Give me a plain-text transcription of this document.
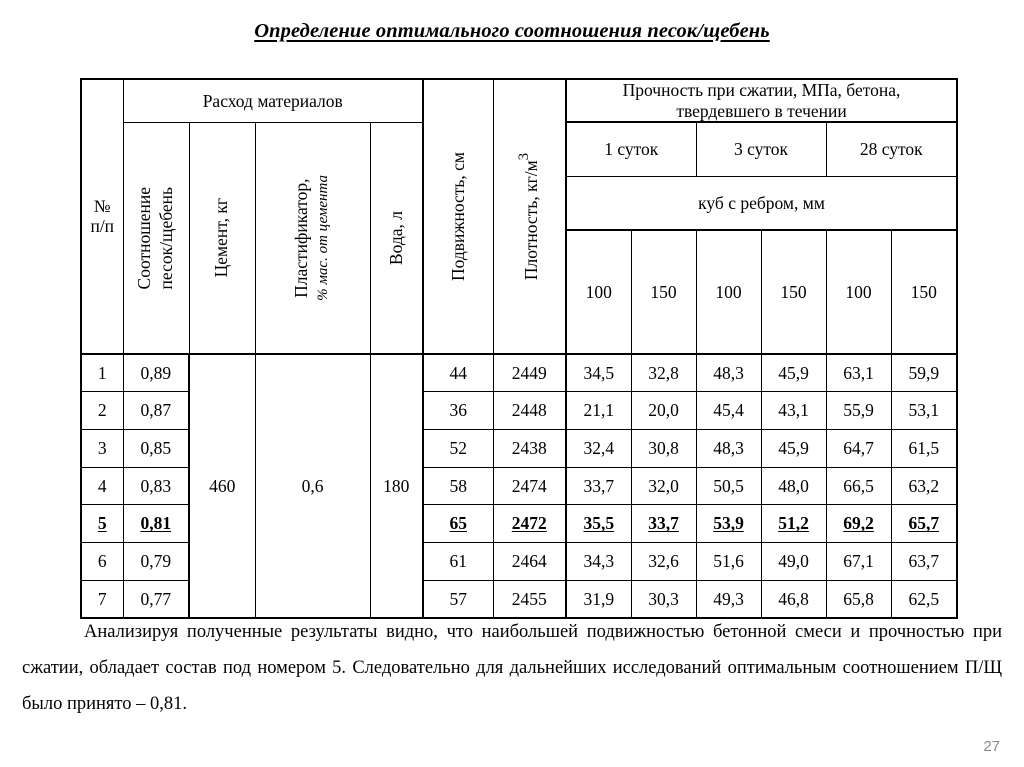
Определение оптимального соотношения песок/щебень
№
п/п
	Расход материалов	
Подвижность, см	Плотность, $кг/м^3$

Прочность при сжатии, МПа, бетона,
твердевшего в течении

	Соотношение песок/щебень	Цемент, кг	Пластификатор, % мас. от цемента	Вода, л			1 суток		3 суток		28 суток	
							куб с ребром, мм					
							100	150	100	150	100	150
1	0,89	460	0,6	180	44	2449	34,5	32,8	48,3	45,9	63,1	59,9
2	0,87				36	2448	21,1	20,0	45,4	43,1	55,9	53,1
3	0,85				52	2438	32,4	30,8	48,3	45,9	64,7	61,5
4	0,83				58	2474	33,7	32,0	50,5	48,0	66,5	63,2
5	0,81				65	2472	35,5	33,7	53,9	51,2	69,2	65,7
6	0,79				61	2464	34,3	32,6	51,6	49,0	67,1	63,7
7	0,77				57	2455	31,9	30,3	49,3	46,8	65,8	62,5
Анализируя полученные результаты видно, что наибольшей подвижностью бетонной смеси и прочностью при сжатии, обладает состав под номером 5. Следовательно для дальнейших исследований оптимальным соотношением П/Щ было принято – 0,81.
27
